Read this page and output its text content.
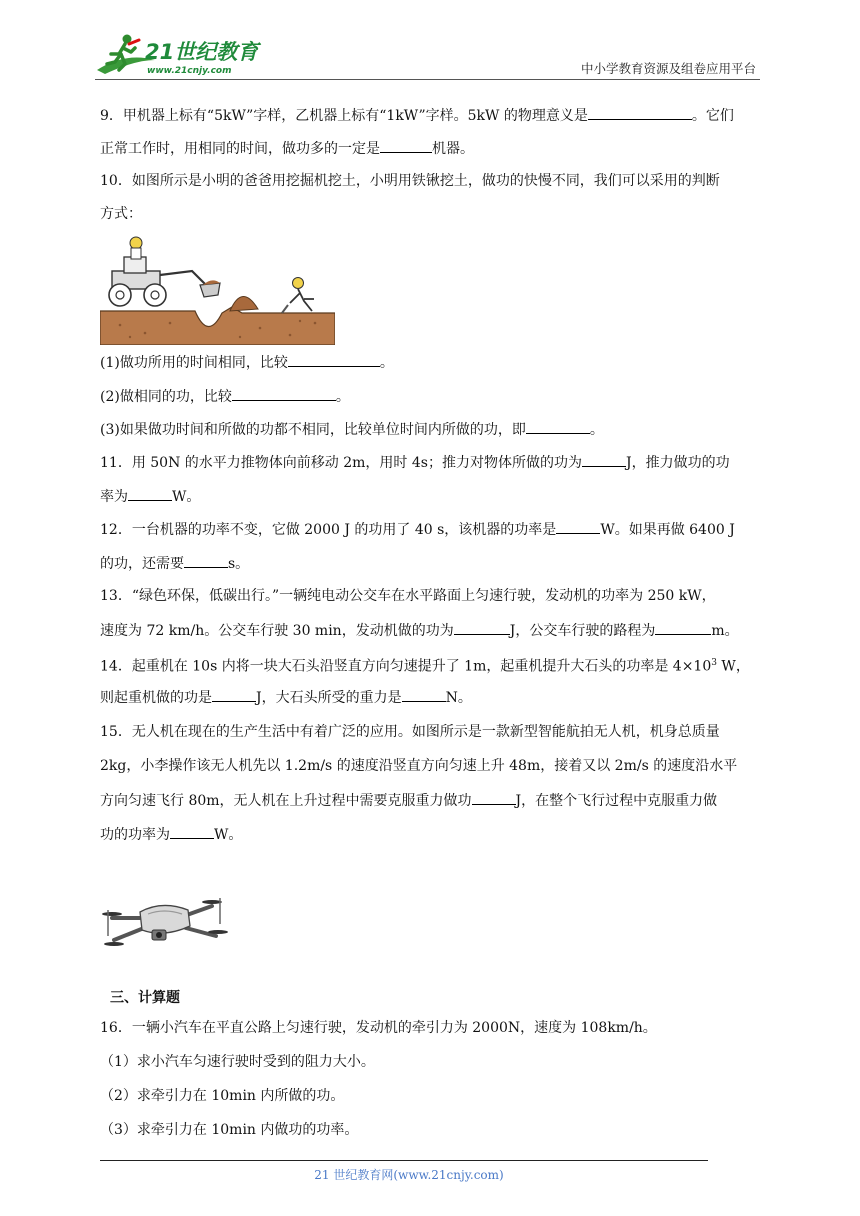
21世纪教育
www.21cnjy.com	中小学教育资源及组卷应用平台
9．甲机器上标有“5kW”字样，乙机器上标有“1kW”字样。5kW 的物理意义是	。它们
正常工作时，用相同的时间，做功多的一定是	机器。
10．如图所示是小明的爸爸用挖掘机挖土，小明用铁锹挖土，做功的快慢不同，我们可以采用的判断
方式：
(1)做功所用的时间相同，比较	。
(2)做相同的功，比较	。
(3)如果做功时间和所做的功都不相同，比较单位时间内所做的功，即	。
11．用 50N 的水平力推物体向前移动 2m，用时 4s；推力对物体所做的功为	J，推力做功的功
率为	W。
12．一台机器的功率不变，它做 2000 J 的功用了 40 s，该机器的功率是	W。如果再做 6400 J
的功，还需要	s。
13．“绿色环保，低碳出行。”一辆纯电动公交车在水平路面上匀速行驶，发动机的功率为 250 kW，
速度为 72 km/h。公交车行驶 30 min，发动机做的功为	J，公交车行驶的路程为	m。
14．起重机在 10s 内将一块大石头沿竖直方向匀速提升了 1m，起重机提升大石头的功率是 $4\times 10^3$ W，
则起重机做的功是	J，大石头所受的重力是	N。
15．无人机在现在的生产生活中有着广泛的应用。如图所示是一款新型智能航拍无人机，机身总质量
2kg，小李操作该无人机先以 1.2m/s 的速度沿竖直方向匀速上升 48m，接着又以 2m/s 的速度沿水平
方向匀速飞行 80m，无人机在上升过程中需要克服重力做功	J，在整个飞行过程中克服重力做
功的功率为	W。
三、计算题
16．一辆小汽车在平直公路上匀速行驶，发动机的牵引力为 2000N，速度为 108km/h。
（1）求小汽车匀速行驶时受到的阻力大小。
（2）求牵引力在 10min 内所做的功。
（3）求牵引力在 10min 内做功的功率。
21 世纪教育网(www.21cnjy.com)
